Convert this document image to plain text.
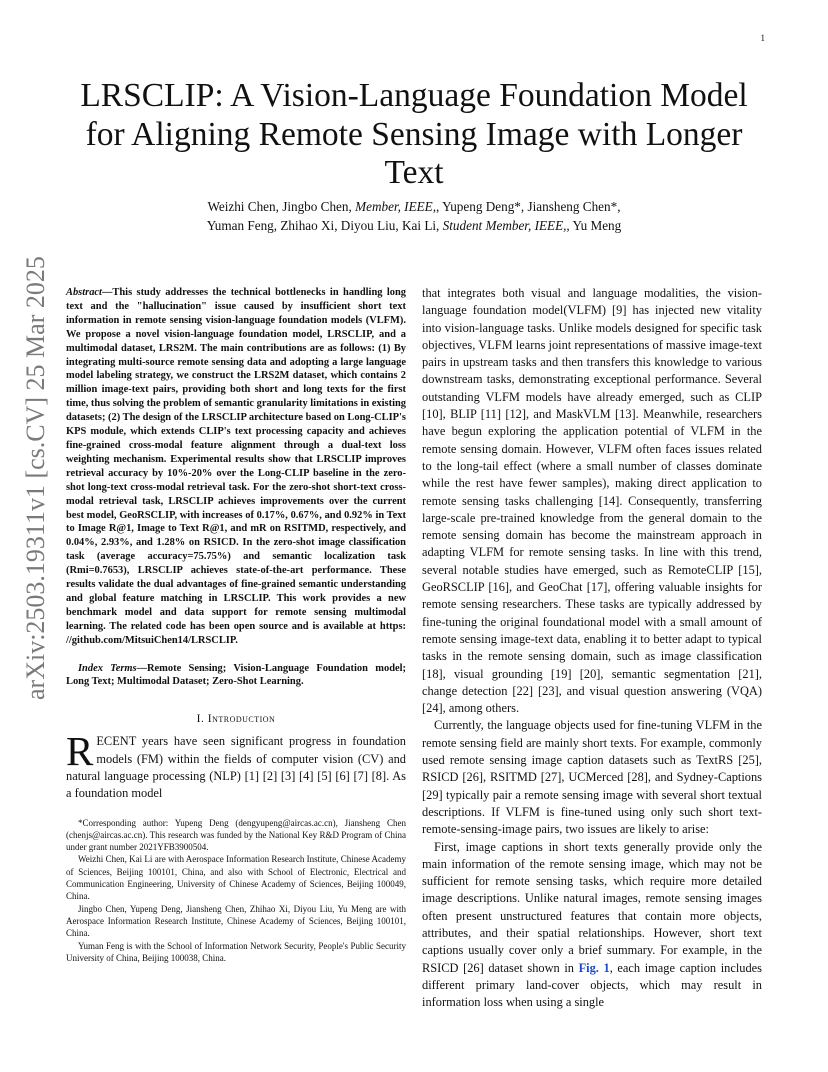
1
arXiv:2503.19311v1 [cs.CV] 25 Mar 2025
LRSCLIP: A Vision-Language Foundation Model for Aligning Remote Sensing Image with Longer Text
Weizhi Chen, Jingbo Chen, Member, IEEE,, Yupeng Deng*, Jiansheng Chen*,
Yuman Feng, Zhihao Xi, Diyou Liu, Kai Li, Student Member, IEEE,, Yu Meng

Abstract—This study addresses the technical bottlenecks in handling long text and the "hallucination" issue caused by insufficient short text information in remote sensing vision-language foundation models (VLFM). We propose a novel vision-language foundation model, LRSCLIP, and a multimodal dataset, LRS2M. The main contributions are as follows: (1) By integrating multi-source remote sensing data and adopting a large language model labeling strategy, we construct the LRS2M dataset, which contains 2 million image-text pairs, providing both short and long texts for the first time, thus solving the problem of semantic granularity limitations in existing datasets; (2) The design of the LRSCLIP architecture based on Long-CLIP's KPS module, which extends CLIP's text processing capacity and achieves fine-grained cross-modal feature alignment through a dual-text loss weighting mechanism. Experimental results show that LRSCLIP improves retrieval accuracy by 10%-20% over the Long-CLIP baseline in the zero-shot long-text cross-modal retrieval task. For the zero-shot short-text cross-modal retrieval task, LRSCLIP achieves improvements over the current best model, GeoRSCLIP, with increases of 0.17%, 0.67%, and 0.92% in Text to Image R@1, Image to Text R@1, and mR on RSITMD, respectively, and 0.04%, 2.93%, and 1.28% on RSICD. In the zero-shot image classification task (average accuracy=75.75%) and semantic localization task (Rmi=0.7653), LRSCLIP achieves state-of-the-art performance. These results validate the dual advantages of fine-grained semantic understanding and global feature matching in LRSCLIP. This work provides a new benchmark model and data support for remote sensing multimodal learning. The related code has been open source and is available at https: //github.com/MitsuiChen14/LRSCLIP.

Index Terms—Remote Sensing; Vision-Language Foundation model; Long Text; Multimodal Dataset; Zero-Shot Learning.

I. Introduction

RECENT years have seen significant progress in foundation models (FM) within the fields of computer vision (CV) and natural language processing (NLP) [1] [2] [3] [4] [5] [6] [7] [8]. As a foundation model

*Corresponding author: Yupeng Deng (dengyupeng@aircas.ac.cn), Jiansheng Chen (chenjs@aircas.ac.cn). This research was funded by the National Key R&D Program of China under grant number 2021YFB3900504.

Weizhi Chen, Kai Li are with Aerospace Information Research Institute, Chinese Academy of Sciences, Beijing 100101, China, and also with School of Electronic, Electrical and Communication Engineering, University of Chinese Academy of Sciences, Beijing 100049, China.

Jingbo Chen, Yupeng Deng, Jiansheng Chen, Zhihao Xi, Diyou Liu, Yu Meng are with Aerospace Information Research Institute, Chinese Academy of Sciences, Beijing 100101, China.

Yuman Feng is with the School of Information Network Security, People's Public Security University of China, Beijing 100038, China.

that integrates both visual and language modalities, the vision-language foundation model(VLFM) [9] has injected new vitality into vision-language tasks. Unlike models designed for specific task objectives, VLFM learns joint representations of massive image-text pairs in upstream tasks and then transfers this knowledge to various downstream tasks, demonstrating exceptional performance. Several outstanding VLFM models have already emerged, such as CLIP [10], BLIP [11] [12], and MaskVLM [13]. Meanwhile, researchers have begun exploring the application potential of VLFM in the remote sensing domain. However, VLFM often faces issues related to the long-tail effect (where a small number of classes dominate while the rest have fewer samples), making direct application to remote sensing tasks challenging [14]. Consequently, transferring large-scale pre-trained knowledge from the general domain to the remote sensing domain has become the mainstream approach in adapting VLFM for remote sensing tasks. In line with this trend, several notable studies have emerged, such as RemoteCLIP [15], GeoRSCLIP [16], and GeoChat [17], offering valuable insights for remote sensing researchers. These tasks are typically addressed by fine-tuning the original foundational model with a small amount of remote sensing image-text data, enabling it to better adapt to typical tasks in the remote sensing domain, such as image classification [18], visual grounding [19] [20], semantic segmentation [21], change detection [22] [23], and visual question answering (VQA) [24], among others.

Currently, the language objects used for fine-tuning VLFM in the remote sensing field are mainly short texts. For example, commonly used remote sensing image caption datasets such as TextRS [25], RSICD [26], RSITMD [27], UCMerced [28], and Sydney-Captions [29] typically pair a remote sensing image with several short textual descriptions. If VLFM is fine-tuned using only such short text-remote-sensing-image pairs, two issues are likely to arise:

First, image captions in short texts generally provide only the main information of the remote sensing image, which may not be sufficient for remote sensing tasks, which require more detailed image descriptions. Unlike natural images, remote sensing images often present unstructured features that contain more objects, attributes, and their spatial relationships. However, short text captions usually cover only a brief summary. For example, in the RSICD [26] dataset shown in Fig. 1, each image caption includes different primary land-cover objects, which may result in information loss when using a single
